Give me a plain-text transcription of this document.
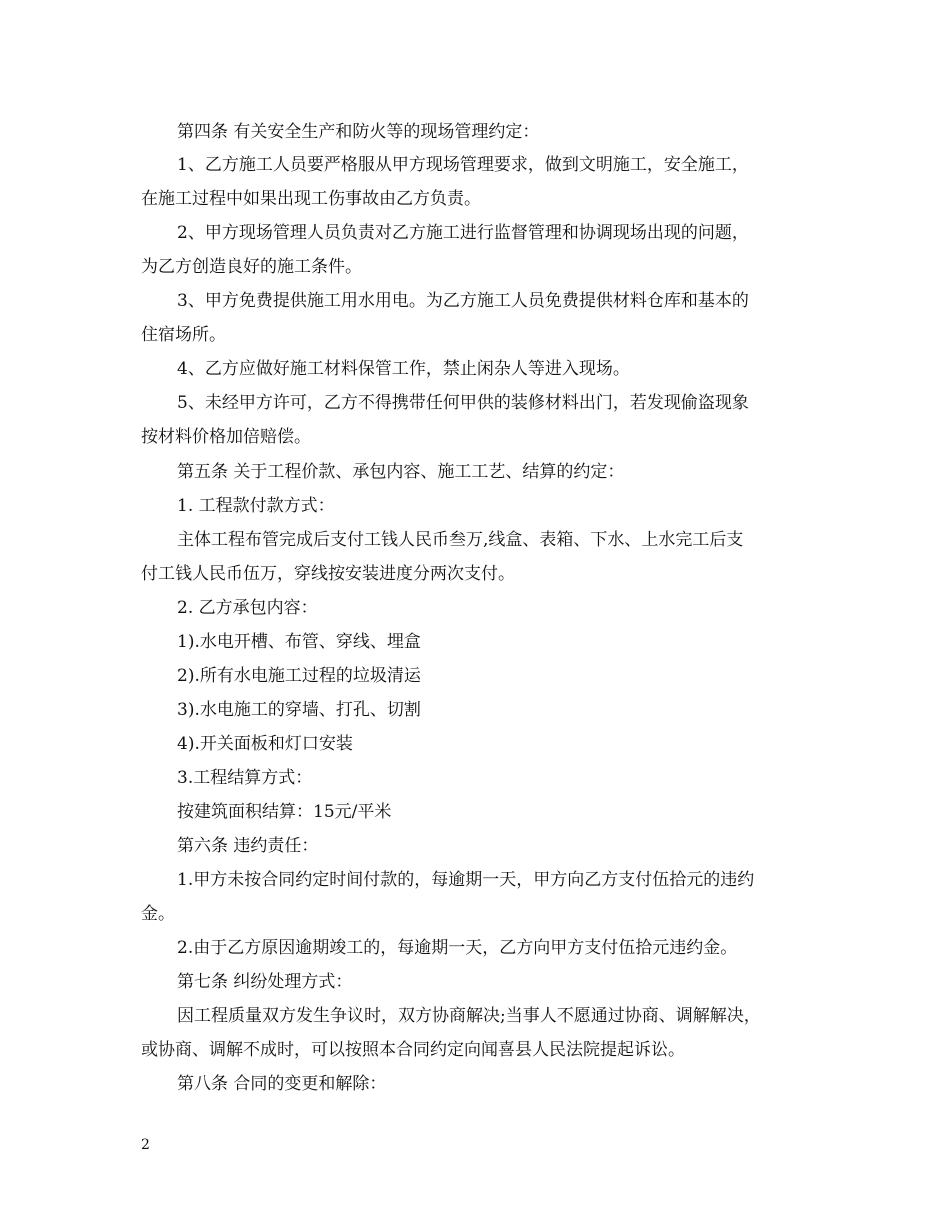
第四条 有关安全生产和防火等的现场管理约定：
1、乙方施工人员要严格服从甲方现场管理要求，做到文明施工，安全施工，
在施工过程中如果出现工伤事故由乙方负责。
2、甲方现场管理人员负责对乙方施工进行监督管理和协调现场出现的问题，
为乙方创造良好的施工条件。
3、甲方免费提供施工用水用电。为乙方施工人员免费提供材料仓库和基本的
住宿场所。
4、乙方应做好施工材料保管工作，禁止闲杂人等进入现场。
5、未经甲方许可，乙方不得携带任何甲供的装修材料出门，若发现偷盗现象
按材料价格加倍赔偿。
第五条 关于工程价款、承包内容、施工工艺、结算的约定：
1. 工程款付款方式：
主体工程布管完成后支付工钱人民币叁万,线盒、表箱、下水、上水完工后支
付工钱人民币伍万，穿线按安装进度分两次支付。
2. 乙方承包内容：
1).水电开槽、布管、穿线、埋盒
2).所有水电施工过程的垃圾清运
3).水电施工的穿墙、打孔、切割
4).开关面板和灯口安装
3.工程结算方式：
按建筑面积结算：15元/平米
第六条 违约责任：
1.甲方未按合同约定时间付款的，每逾期一天，甲方向乙方支付伍拾元的违约
金。
2.由于乙方原因逾期竣工的，每逾期一天，乙方向甲方支付伍拾元违约金。
第七条 纠纷处理方式：
因工程质量双方发生争议时，双方协商解决;当事人不愿通过协商、调解解决，
或协商、调解不成时，可以按照本合同约定向闻喜县人民法院提起诉讼。
第八条 合同的变更和解除：
2
